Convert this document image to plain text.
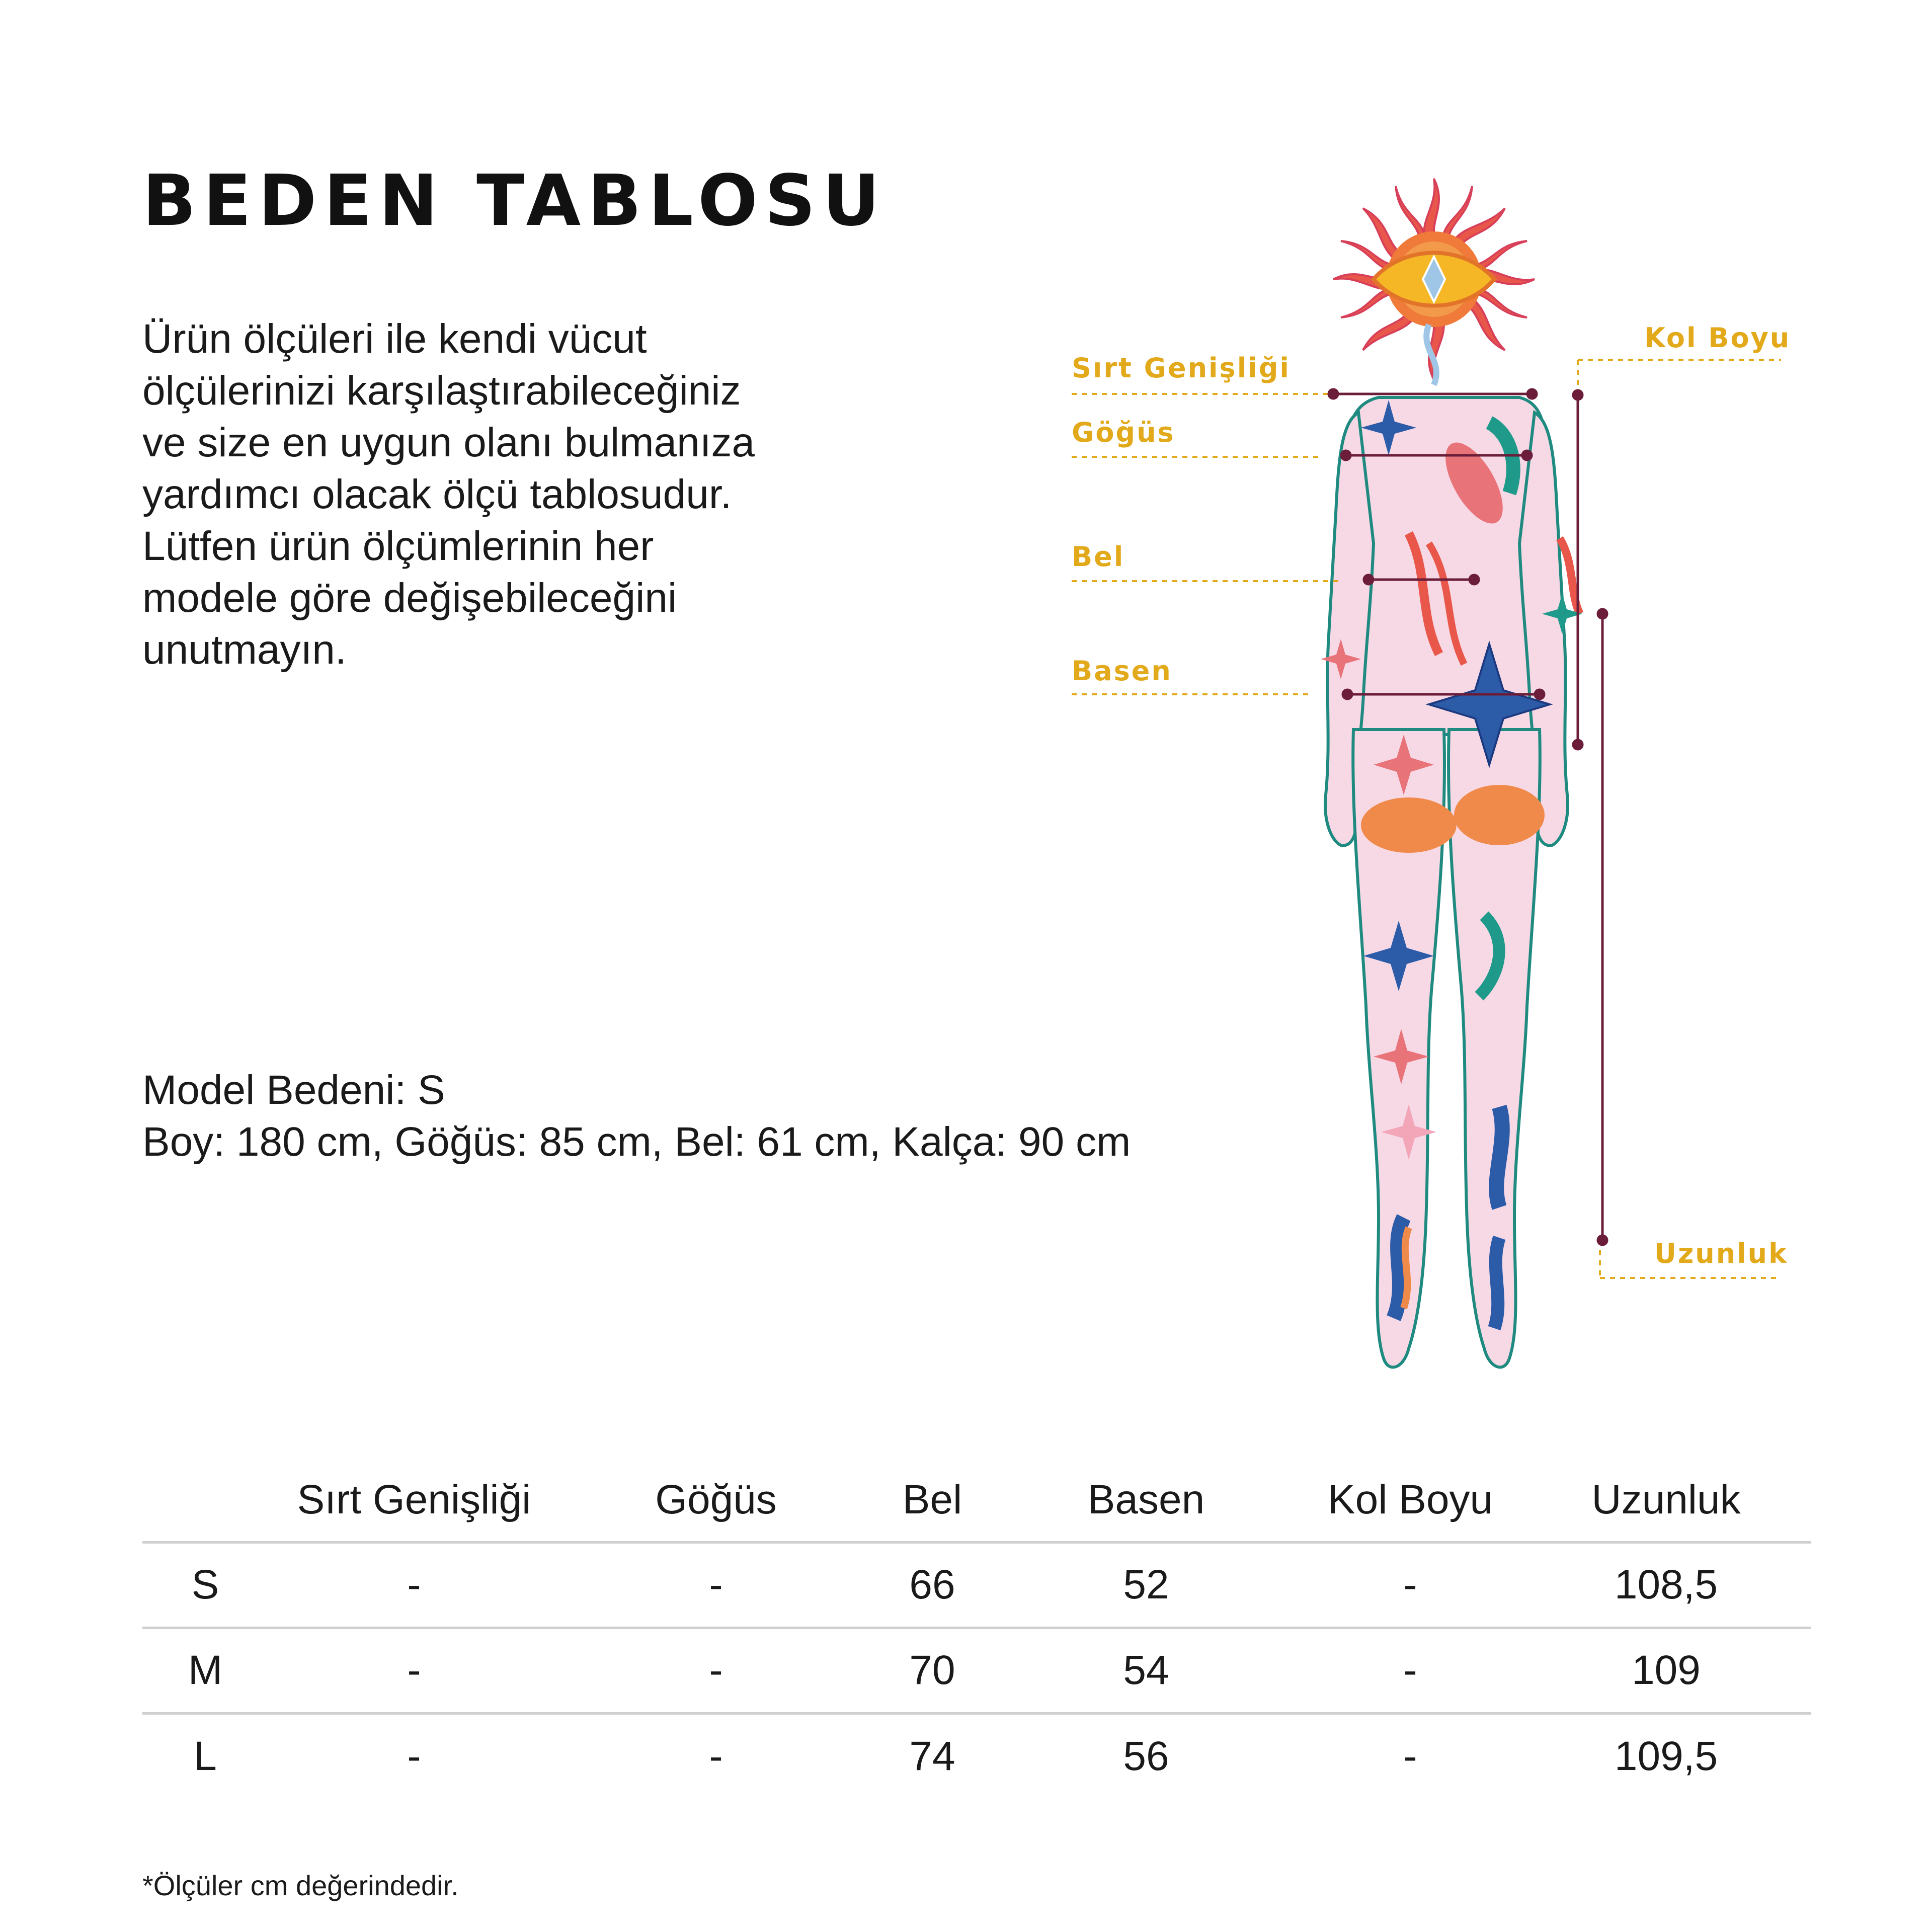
BEDEN TABLOSU
Ürün ölçüleri ile kendi vücut
ölçülerinizi karşılaştırabileceğiniz
ve size en uygun olanı bulmanıza
yardımcı olacak ölçü tablosudur.
Lütfen ürün ölçümlerinin her
modele göre değişebileceğini
unutmayın.
Model Bedeni: S
Boy: 180 cm, Göğüs: 85 cm, Bel: 61 cm, Kalça: 90 cm
Sırt Genişliği
Göğüs
Bel
Basen
Kol Boyu
Uzunluk
	Sırt Genişliği	Göğüs	Bel	Basen	Kol Boyu	Uzunluk
S	-	-	66	52	-	108,5
M	-	-	70	54	-	109
L	-	-	74	56	-	109,5
*Ölçüler cm değerindedir.
